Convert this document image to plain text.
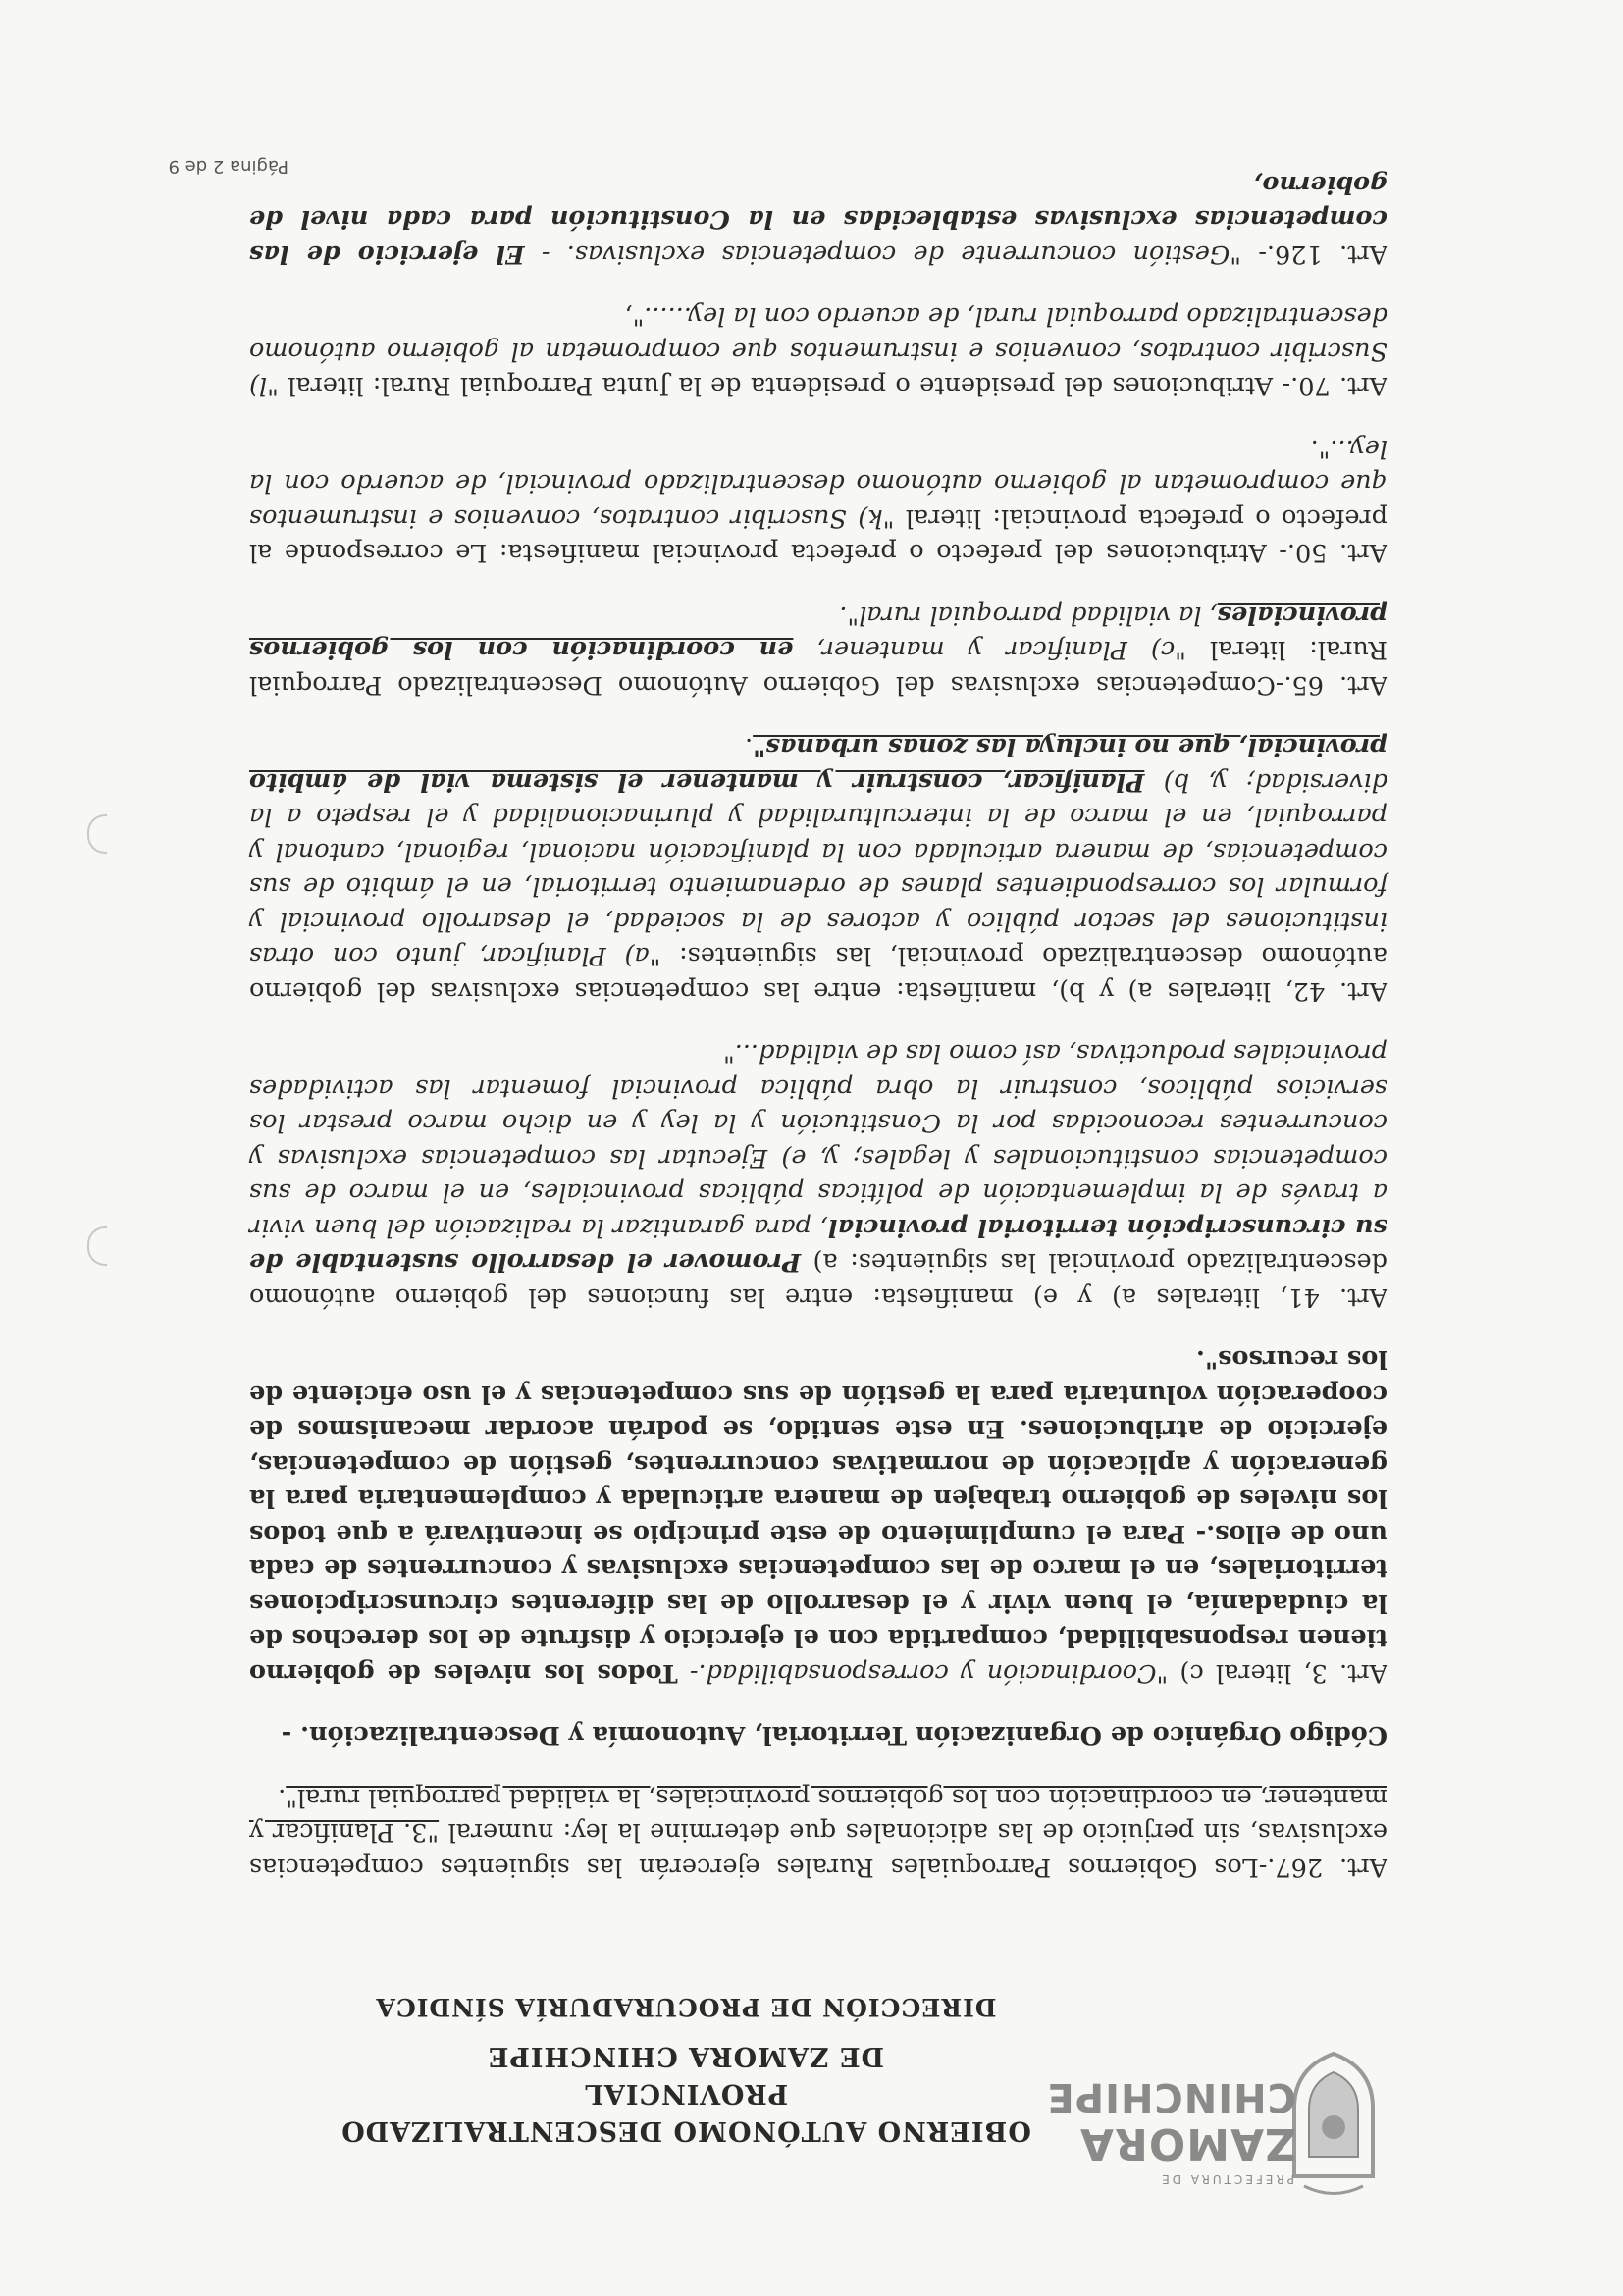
PREFECTURA DE
ZAMORA
CHINCHIPE
OBIERNO AUTÓNOMO DESCENTRALIZADO PROVINCIAL
DE ZAMORA CHINCHIPE
DIRECCIÓN DE PROCURADURÍA SÍNDICA

Art. 267.-Los Gobiernos Parroquiales Rurales ejercerán las siguientes competencias exclusivas, sin perjuicio de las adicionales que determine la ley: numeral "3. Planificar y mantener, en coordinación con los gobiernos provinciales, la vialidad parroquial rural".

Código Orgánico de Organización Territorial, Autonomía y Descentralización. -

Art. 3, literal c) "Coordinación y corresponsabilidad.- Todos los niveles de gobierno tienen responsabilidad, compartida con el ejercicio y disfrute de los derechos de la ciudadanía, el buen vivir y el desarrollo de las diferentes circunscripciones territoriales, en el marco de las competencias exclusivas y concurrentes de cada uno de ellos.- Para el cumplimiento de este principio se incentivará a que todos los niveles de gobierno trabajen de manera articulada y complementaria para la generación y aplicación de normativas concurrentes, gestión de competencias, ejercicio de atribuciones. En este sentido, se podrán acordar mecanismos de cooperación voluntaria para la gestión de sus competencias y el uso eficiente de los recursos".

Art. 41, literales a) y e) manifiesta: entre las funciones del gobierno autónomo descentralizado provincial las siguientes: a) Promover el desarrollo sustentable de su circunscripción territorial provincial, para garantizar la realización del buen vivir a través de la implementación de políticas públicas provinciales, en el marco de sus competencias constitucionales y legales; y, e) Ejecutar las competencias exclusivas y concurrentes reconocidas por la Constitución y la ley y en dicho marco prestar los servicios públicos, construir la obra pública provincial fomentar las actividades provinciales productivas, así como las de vialidad..."

Art. 42, literales a) y b), manifiesta: entre las competencias exclusivas del gobierno autónomo descentralizado provincial, las siguientes: "a) Planificar, junto con otras instituciones del sector público y actores de la sociedad, el desarrollo provincial y formular los correspondientes planes de ordenamiento territorial, en el ámbito de sus competencias, de manera articulada con la planificación nacional, regional, cantonal y parroquial, en el marco de la interculturalidad y plurinacionalidad y el respeto a la diversidad; y, b) Planificar, construir y mantener el sistema vial de ámbito provincial, que no incluya las zonas urbanas".

Art. 65.-Competencias exclusivas del Gobierno Autónomo Descentralizado Parroquial Rural: literal "c) Planificar y mantener, en coordinación con los gobiernos provinciales, la vialidad parroquial rural".

Art. 50.- Atribuciones del prefecto o prefecta provincial manifiesta: Le corresponde al prefecto o prefecta provincial: literal "k) Suscribir contratos, convenios e instrumentos que comprometan al gobierno autónomo descentralizado provincial, de acuerdo con la ley...".

Art. 70.- Atribuciones del presidente o presidenta de la Junta Parroquial Rural: literal "l) Suscribir contratos, convenios e instrumentos que comprometan al gobierno autónomo descentralizado parroquial rural, de acuerdo con la ley......",

Art. 126.- "Gestión concurrente de competencias exclusivas. - El ejercicio de las competencias exclusivas establecidas en la Constitución para cada nivel de gobierno,

Página 2 de 9
